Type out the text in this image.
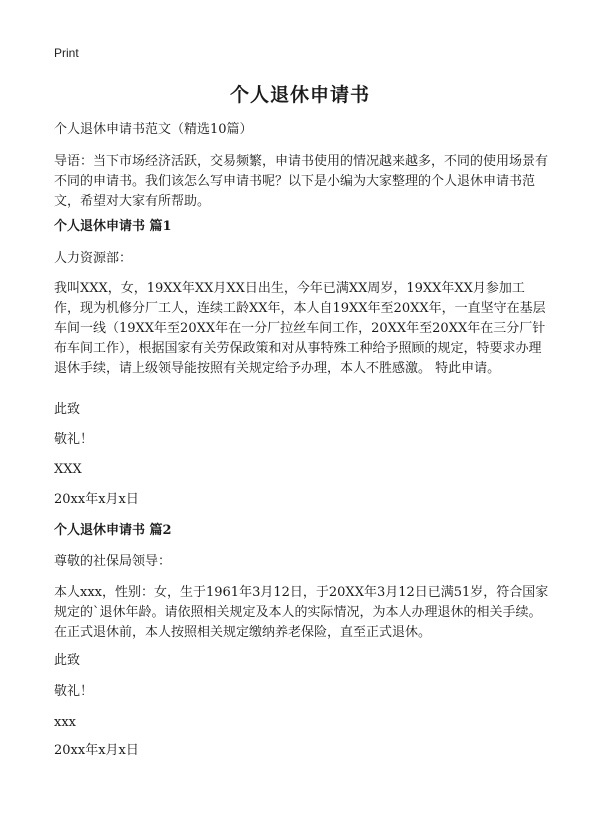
Print
个人退休申请书

个人退休申请书范文（精选10篇）

导语：当下市场经济活跃，交易频繁，申请书使用的情况越来越多，不同的使用场景有不同的申请书。我们该怎么写申请书呢？以下是小编为大家整理的个人退休申请书范文，希望对大家有所帮助。

个人退休申请书 篇1

人力资源部：

我叫XXX，女，19XX年XX月XX日出生，今年已满XX周岁，19XX年XX月参加工作，现为机修分厂工人，连续工龄XX年，本人自19XX年至20XX年，一直坚守在基层车间一线（19XX年至20XX年在一分厂拉丝车间工作，20XX年至20XX年在三分厂针布车间工作），根据国家有关劳保政策和对从事特殊工种给予照顾的规定，特要求办理退休手续，请上级领导能按照有关规定给予办理，本人不胜感激。 特此申请。

此致

敬礼！

XXX

20xx年x月x日

个人退休申请书 篇2

尊敬的社保局领导：

本人xxx，性别：女，生于1961年3月12日，于20XX年3月12日已满51岁，符合国家规定的`退休年龄。请依照相关规定及本人的实际情况，为本人办理退休的相关手续。在正式退休前，本人按照相关规定缴纳养老保险，直至正式退休。

此致

敬礼！

xxx

20xx年x月x日
